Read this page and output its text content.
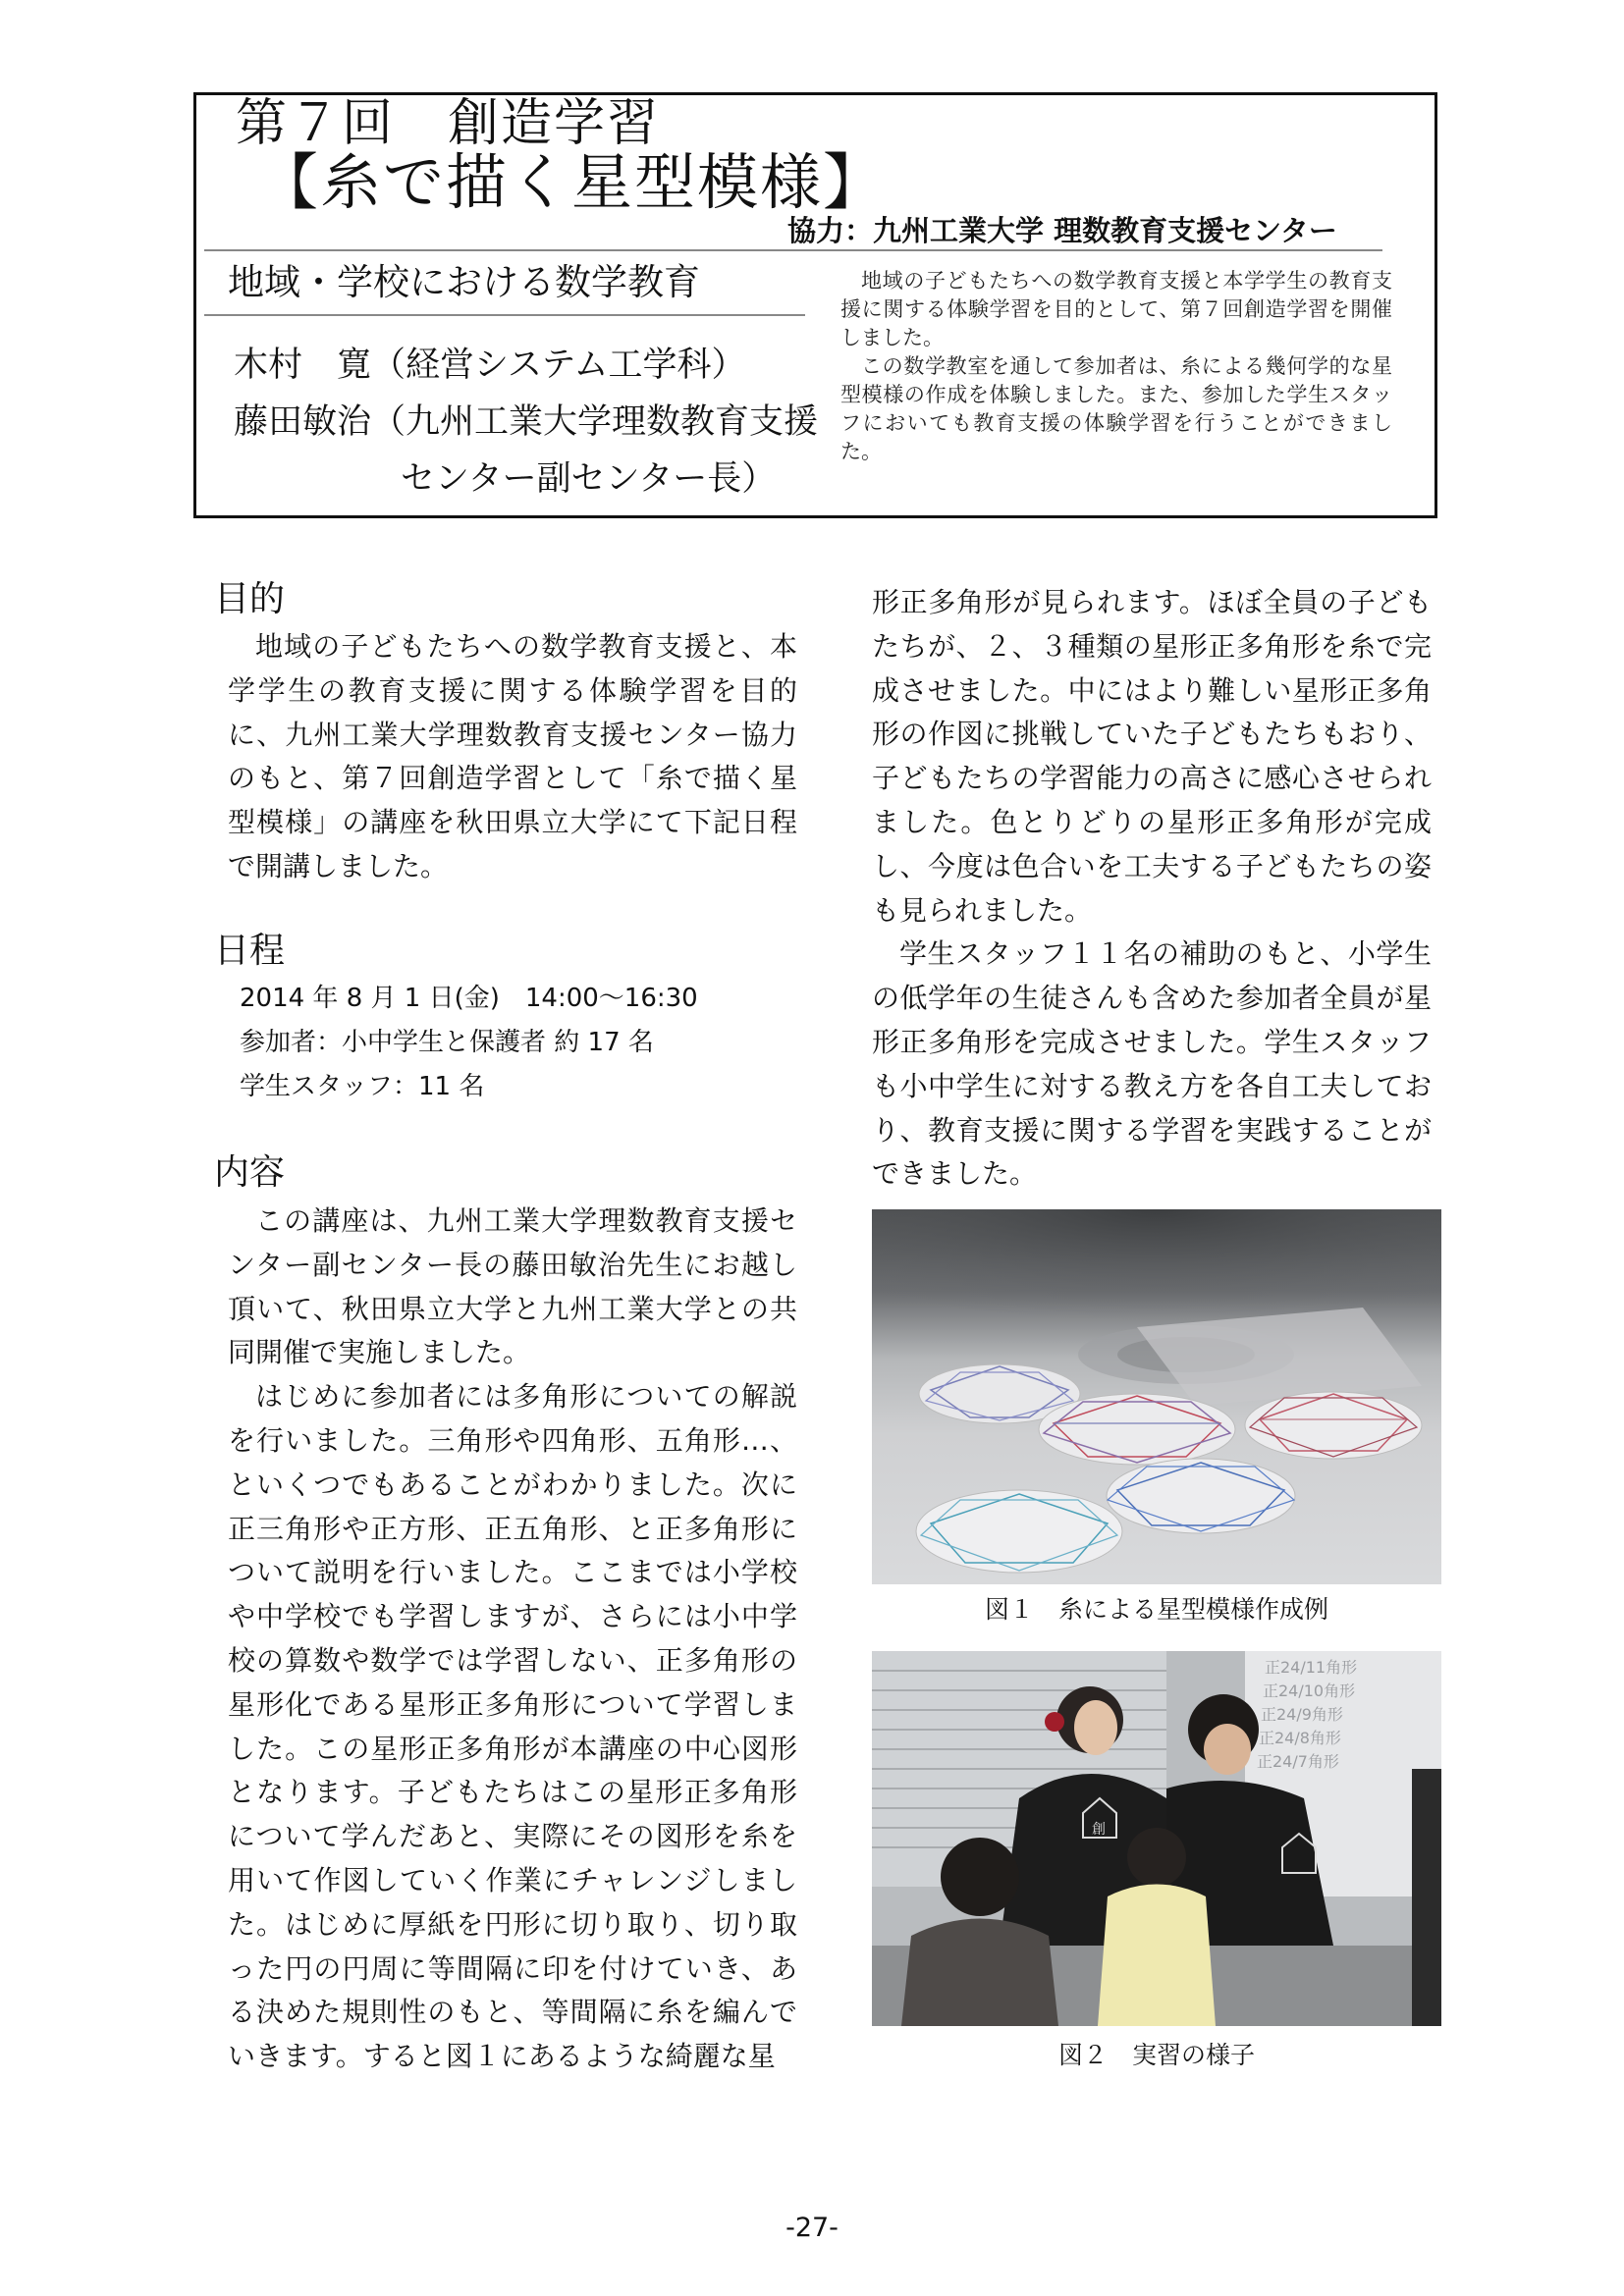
第７回　創造学習
【糸で描く星型模様】
協力：九州工業大学 理数教育支援センター
地域・学校における数学教育
木村　寛（経営システム工学科）
藤田敏治（九州工業大学理数教育支援
センター副センター長）

地域の子どもたちへの数学教育支援と本学学生の教育支援に関する体験学習を目的として、第７回創造学習を開催しました。

この数学教室を通して参加者は、糸による幾何学的な星型模様の作成を体験しました。また、参加した学生スタッフにおいても教育支援の体験学習を行うことができました。

目的

地域の子どもたちへの数学教育支援と、本学学生の教育支援に関する体験学習を目的に、九州工業大学理数教育支援センター協力のもと、第７回創造学習として「糸で描く星型模様」の講座を秋田県立大学にて下記日程で開講しました。

日程
2014 年 8 月 1 日(金)　14:00～16:30
参加者：小中学生と保護者 約 17 名
学生スタッフ：11 名
内容

この講座は、九州工業大学理数教育支援センター副センター長の藤田敏治先生にお越し頂いて、秋田県立大学と九州工業大学との共同開催で実施しました。

はじめに参加者には多角形についての解説を行いました。三角形や四角形、五角形…、といくつでもあることがわかりました。次に正三角形や正方形、正五角形、と正多角形について説明を行いました。ここまでは小学校や中学校でも学習しますが、さらには小中学校の算数や数学では学習しない、正多角形の星形化である星形正多角形について学習しました。この星形正多角形が本講座の中心図形となります。子どもたちはこの星形正多角形について学んだあと、実際にその図形を糸を用いて作図していく作業にチャレンジしました。はじめに厚紙を円形に切り取り、切り取った円の円周に等間隔に印を付けていき、ある決めた規則性のもと、等間隔に糸を編んでいきます。すると図１にあるような綺麗な星

形正多角形が見られます。ほぼ全員の子どもたちが、２、３種類の星形正多角形を糸で完成させました。中にはより難しい星形正多角形の作図に挑戦していた子どもたちもおり、子どもたちの学習能力の高さに感心させられました。色とりどりの星形正多角形が完成し、今度は色合いを工夫する子どもたちの姿も見られました。

学生スタッフ１１名の補助のもと、小学生の低学年の生徒さんも含めた参加者全員が星形正多角形を完成させました。学生スタッフも小中学生に対する教え方を各自工夫しており、教育支援に関する学習を実践することができました。

図１　糸による星型模様作成例
正24/11角形
正24/10角形
正24/9角形
正24/8角形
正24/7角形
創
図２　実習の様子
-27-
